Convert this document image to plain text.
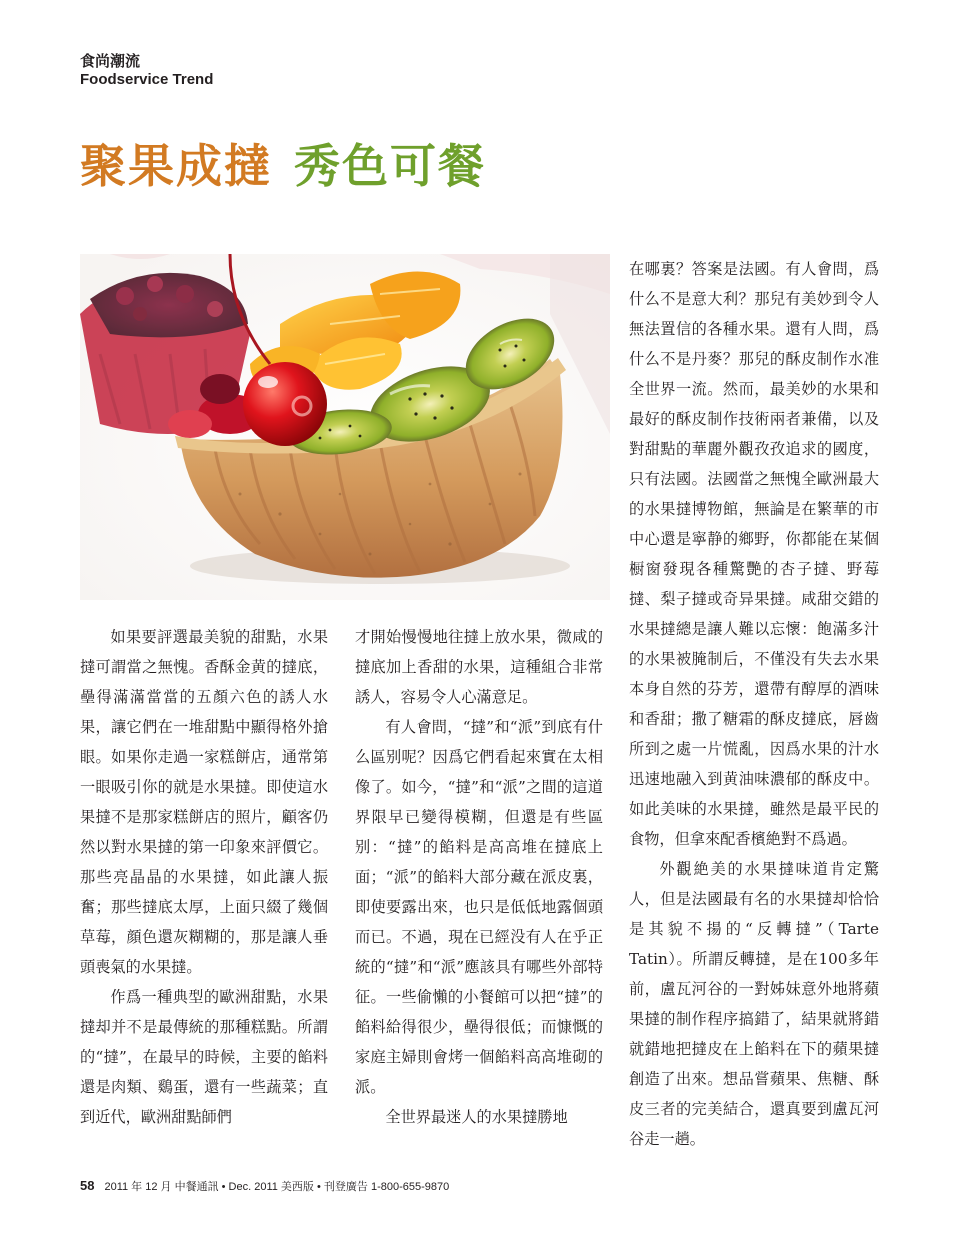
食尚潮流
Foodservice Trend
聚果成撻 秀色可餐

如果要評選最美貌的甜點，水果撻可謂當之無愧。香酥金黄的撻底，壘得滿滿當當的五顏六色的誘人水果，讓它們在一堆甜點中顯得格外搶眼。如果你走過一家糕餅店，通常第一眼吸引你的就是水果撻。即使這水果撻不是那家糕餅店的照片，顧客仍然以對水果撻的第一印象來評價它。那些亮晶晶的水果撻，如此讓人振奮；那些撻底太厚，上面只綴了幾個草莓，顔色還灰糊糊的，那是讓人垂頭喪氣的水果撻。

作爲一種典型的歐洲甜點，水果撻却并不是最傳統的那種糕點。所謂的“撻”，在最早的時候，主要的餡料還是肉類、鷄蛋，還有一些蔬菜；直到近代，歐洲甜點師們

才開始慢慢地往撻上放水果，微咸的撻底加上香甜的水果，這種組合非常誘人，容易令人心滿意足。

有人會問，“撻”和“派”到底有什么區别呢？因爲它們看起來實在太相像了。如今，“撻”和“派”之間的這道界限早已變得模糊，但還是有些區别：“撻”的餡料是高高堆在撻底上面；“派”的餡料大部分藏在派皮裏，即使要露出來，也只是低低地露個頭而已。不過，現在已經没有人在乎正統的“撻”和“派”應該具有哪些外部特征。一些偷懶的小餐館可以把“撻”的餡料給得很少，壘得很低；而慷慨的家庭主婦則會烤一個餡料高高堆砌的派。

全世界最迷人的水果撻勝地

在哪裏？答案是法國。有人會問，爲什么不是意大利？那兒有美妙到令人無法置信的各種水果。還有人問，爲什么不是丹麥？那兒的酥皮制作水准全世界一流。然而，最美妙的水果和最好的酥皮制作技術兩者兼備，以及對甜點的華麗外觀孜孜追求的國度，只有法國。法國當之無愧全歐洲最大的水果撻博物館，無論是在繁華的市中心還是寧静的鄉野，你都能在某個橱窗發現各種驚艷的杏子撻、野莓撻、梨子撻或奇异果撻。咸甜交錯的水果撻總是讓人難以忘懷：飽滿多汁的水果被腌制后，不僅没有失去水果本身自然的芬芳，還帶有醇厚的酒味和香甜；撒了糖霜的酥皮撻底，唇齒所到之處一片慌亂，因爲水果的汁水迅速地融入到黄油味濃郁的酥皮中。如此美味的水果撻，雖然是最平民的食物，但拿來配香檳絶對不爲過。

外觀絶美的水果撻味道肯定驚人，但是法國最有名的水果撻却恰恰是其貌不揚的“反轉撻”（Tarte Tatin）。所謂反轉撻，是在100多年前，盧瓦河谷的一對姊妹意外地將蘋果撻的制作程序搞錯了，結果就將錯就錯地把撻皮在上餡料在下的蘋果撻創造了出來。想品嘗蘋果、焦糖、酥皮三者的完美結合，還真要到盧瓦河谷走一趟。

58 2011 年 12 月 中餐通訊 • Dec. 2011 美西版 • 刊登廣告 1-800-655-9870
